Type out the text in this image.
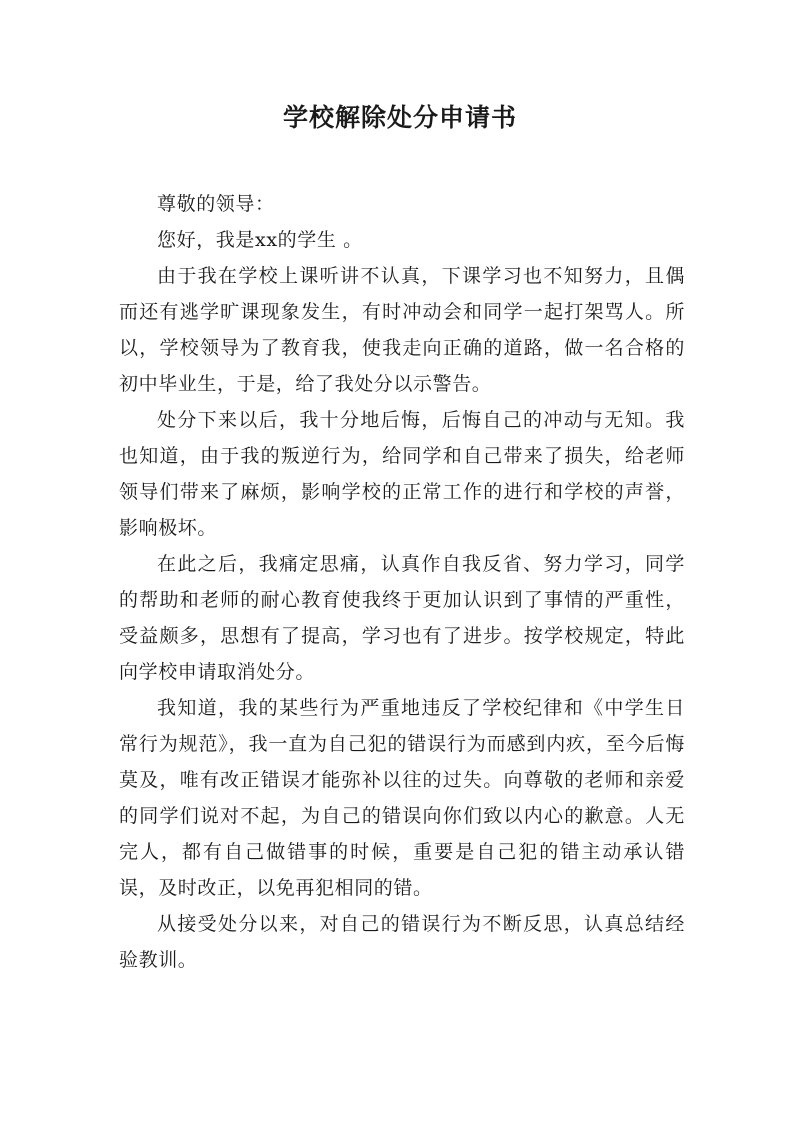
学校解除处分申请书

尊敬的领导：

您好，我是xx的学生 。

由于我在学校上课听讲不认真，下课学习也不知努力，且偶而还有逃学旷课现象发生，有时冲动会和同学一起打架骂人。所以，学校领导为了教育我，使我走向正确的道路，做一名合格的初中毕业生，于是，给了我处分以示警告。

处分下来以后，我十分地后悔，后悔自己的冲动与无知。我也知道，由于我的叛逆行为，给同学和自己带来了损失，给老师领导们带来了麻烦，影响学校的正常工作的进行和学校的声誉，影响极坏。

在此之后，我痛定思痛，认真作自我反省、努力学习，同学的帮助和老师的耐心教育使我终于更加认识到了事情的严重性，受益颇多，思想有了提高，学习也有了进步。按学校规定，特此向学校申请取消处分。

我知道，我的某些行为严重地违反了学校纪律和《中学生日常行为规范》，我一直为自己犯的错误行为而感到内疚，至今后悔莫及，唯有改正错误才能弥补以往的过失。向尊敬的老师和亲爱的同学们说对不起，为自己的错误向你们致以内心的歉意。人无完人，都有自己做错事的时候，重要是自己犯的错主动承认错误，及时改正，以免再犯相同的错。

从接受处分以来，对自己的错误行为不断反思，认真总结经验教训。
